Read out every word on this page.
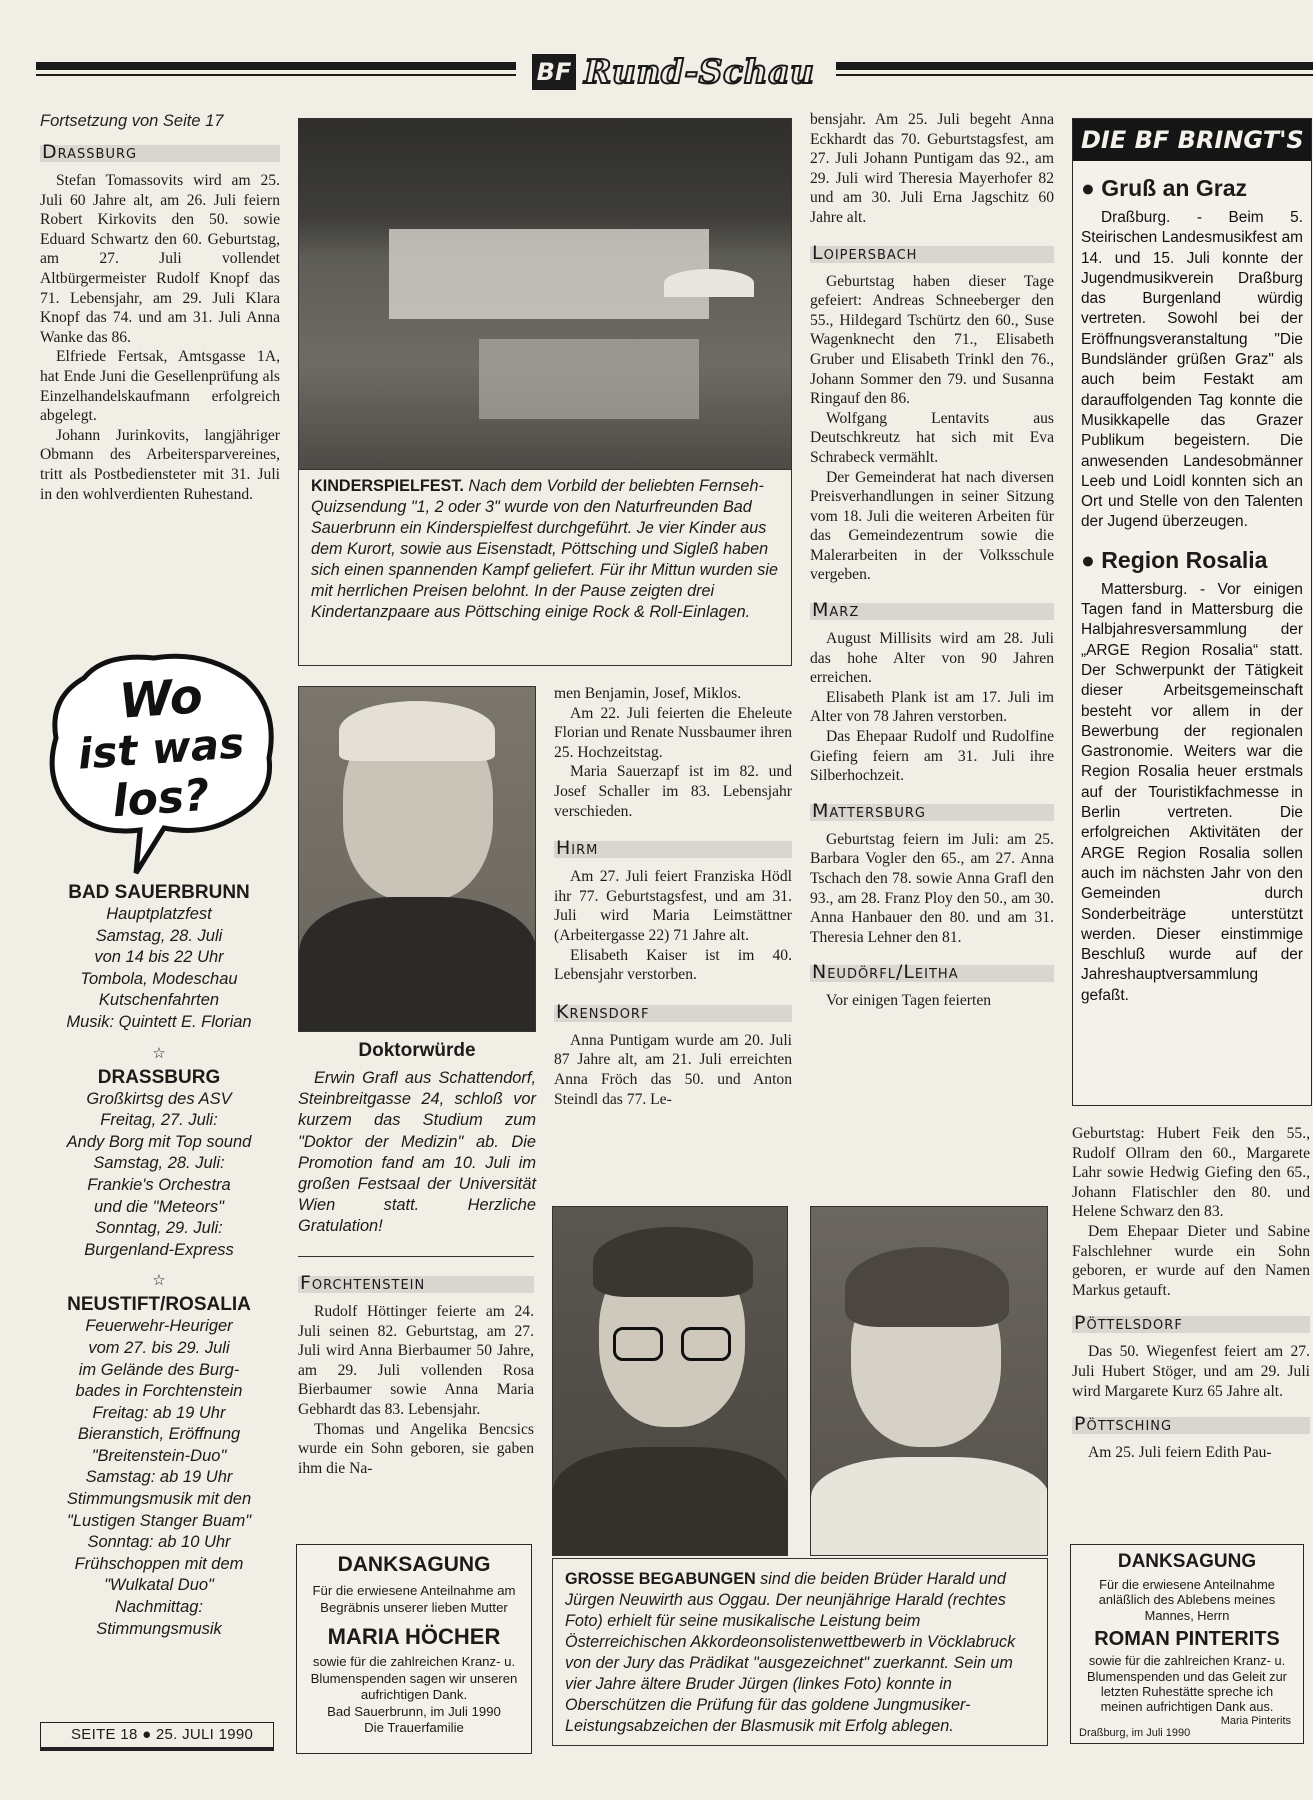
BF Rund-Schau
Fortsetzung von Seite 17
Drassburg

Stefan Tomassovits wird am 25. Juli 60 Jahre alt, am 26. Juli feiern Robert Kirkovits den 50. sowie Eduard Schwartz den 60. Geburtstag, am 27. Juli vollendet Altbürgermeister Rudolf Knopf das 71. Lebensjahr, am 29. Juli Klara Knopf das 74. und am 31. Juli Anna Wanke das 86.

Elfriede Fertsak, Amtsgasse 1A, hat Ende Juni die Gesellenprüfung als Einzelhandelskaufmann erfolgreich abgelegt.

Johann Jurinkovits, langjähriger Obmann des Arbeitersparvereines, tritt als Postbediensteter mit 31. Juli in den wohlverdienten Ruhestand.

Wo
ist was
los?
BAD SAUERBRUNN
Hauptplatzfest
Samstag, 28. Juli
von 14 bis 22 Uhr
Tombola, Modeschau
Kutschenfahrten
Musik: Quintett E. Florian
☆
DRASSBURG
Großkirtsg des ASV
Freitag, 27. Juli:
Andy Borg mit Top sound
Samstag, 28. Juli:
Frankie's Orchestra
und die "Meteors"
Sonntag, 29. Juli:
Burgenland-Express
☆
NEUSTIFT/ROSALIA
Feuerwehr-Heuriger
vom 27. bis 29. Juli
im Gelände des Burg-
bades in Forchtenstein
Freitag: ab 19 Uhr
Bieranstich, Eröffnung
"Breitenstein-Duo"
Samstag: ab 19 Uhr
Stimmungsmusik mit den
"Lustigen Stanger Buam"
Sonntag: ab 10 Uhr
Frühschoppen mit dem
"Wulkatal Duo"
Nachmittag:
Stimmungsmusik
SEITE 18 ● 25. JULI 1990
KINDERSPIELFEST. Nach dem Vorbild der beliebten Fernseh-Quizsendung "1, 2 oder 3" wurde von den Naturfreunden Bad Sauerbrunn ein Kinderspielfest durchgeführt. Je vier Kinder aus dem Kurort, sowie aus Eisenstadt, Pöttsching und Sigleß haben sich einen spannenden Kampf geliefert. Für ihr Mittun wurden sie mit herrlichen Preisen belohnt. In der Pause zeigten drei Kindertanzpaare aus Pöttsching einige Rock & Roll-Einlagen.
Doktorwürde
Erwin Grafl aus Schattendorf, Steinbreitgasse 24, schloß vor kurzem das Studium zum "Doktor der Medizin" ab. Die Promotion fand am 10. Juli im großen Festsaal der Universität Wien statt. Herzliche Gratulation!
Forchtenstein

Rudolf Höttinger feierte am 24. Juli seinen 82. Geburtstag, am 27. Juli wird Anna Bierbaumer 50 Jahre, am 29. Juli vollenden Rosa Bierbaumer sowie Anna Maria Gebhardt das 83. Lebensjahr.

Thomas und Angelika Bencsics wurde ein Sohn geboren, sie gaben ihm die Na-

DANKSAGUNG
Für die erwiesene Anteilnahme am Begräbnis unserer lieben Mutter
MARIA HÖCHER
sowie für die zahlreichen Kranz- u. Blumenspenden sagen wir unseren aufrichtigen Dank.
Bad Sauerbrunn, im Juli 1990
Die Trauerfamilie

men Benjamin, Josef, Miklos.

Am 22. Juli feierten die Eheleute Florian und Renate Nussbaumer ihren 25. Hochzeitstag.

Maria Sauerzapf ist im 82. und Josef Schaller im 83. Lebensjahr verschieden.

Hirm

Am 27. Juli feiert Franziska Hödl ihr 77. Geburtstagsfest, und am 31. Juli wird Maria Leimstättner (Arbeitergasse 22) 71 Jahre alt.

Elisabeth Kaiser ist im 40. Lebensjahr verstorben.

Krensdorf

Anna Puntigam wurde am 20. Juli 87 Jahre alt, am 21. Juli erreichten Anna Fröch das 50. und Anton Steindl das 77. Le-

bensjahr. Am 25. Juli begeht Anna Eckhardt das 70. Geburtstagsfest, am 27. Juli Johann Puntigam das 92., am 29. Juli wird Theresia Mayerhofer 82 und am 30. Juli Erna Jagschitz 60 Jahre alt.

Loipersbach

Geburtstag haben dieser Tage gefeiert: Andreas Schneeberger den 55., Hildegard Tschürtz den 60., Suse Wagenknecht den 71., Elisabeth Gruber und Elisabeth Trinkl den 76., Johann Sommer den 79. und Susanna Ringauf den 86.

Wolfgang Lentavits aus Deutschkreutz hat sich mit Eva Schrabeck vermählt.

Der Gemeinderat hat nach diversen Preisverhandlungen in seiner Sitzung vom 18. Juli die weiteren Arbeiten für das Gemeindezentrum sowie die Malerarbeiten in der Volksschule vergeben.

Marz

August Millisits wird am 28. Juli das hohe Alter von 90 Jahren erreichen.

Elisabeth Plank ist am 17. Juli im Alter von 78 Jahren verstorben.

Das Ehepaar Rudolf und Rudolfine Giefing feiern am 31. Juli ihre Silberhochzeit.

Mattersburg

Geburtstag feiern im Juli: am 25. Barbara Vogler den 65., am 27. Anna Tschach den 78. sowie Anna Grafl den 93., am 28. Franz Ploy den 50., am 30. Anna Hanbauer den 80. und am 31. Theresia Lehner den 81.

Neudörfl/Leitha

Vor einigen Tagen feierten

GROSSE BEGABUNGEN sind die beiden Brüder Harald und Jürgen Neuwirth aus Oggau. Der neunjährige Harald (rechtes Foto) erhielt für seine musikalische Leistung beim Österreichischen Akkordeonsolistenwettbewerb in Vöcklabruck von der Jury das Prädikat "ausgezeichnet" zuerkannt. Sein um vier Jahre ältere Bruder Jürgen (linkes Foto) konnte in Oberschützen die Prüfung für das goldene Jungmusiker-Leistungsabzeichen der Blasmusik mit Erfolg ablegen.
DIE BF BRINGT'S
● Gruß an Graz
Draßburg. - Beim 5. Steirischen Landesmusikfest am 14. und 15. Juli konnte der Jugendmusikverein Draßburg das Burgenland würdig vertreten. Sowohl bei der Eröffnungsveranstaltung "Die Bundsländer grüßen Graz" als auch beim Festakt am darauffolgenden Tag konnte die Musikkapelle das Grazer Publikum begeistern. Die anwesenden Landesobmänner Leeb und Loidl konnten sich an Ort und Stelle von den Talenten der Jugend überzeugen.
● Region Rosalia
Mattersburg. - Vor einigen Tagen fand in Mattersburg die Halbjahresversammlung der „ARGE Region Rosalia“ statt. Der Schwerpunkt der Tätigkeit dieser Arbeitsgemeinschaft besteht vor allem in der Bewerbung der regionalen Gastronomie. Weiters war die Region Rosalia heuer erstmals auf der Touristikfachmesse in Berlin vertreten. Die erfolgreichen Aktivitäten der ARGE Region Rosalia sollen auch im nächsten Jahr von den Gemeinden durch Sonderbeiträge unterstützt werden. Dieser einstimmige Beschluß wurde auf der Jahreshauptversammlung gefaßt.

Geburtstag: Hubert Feik den 55., Rudolf Ollram den 60., Margarete Lahr sowie Hedwig Giefing den 65., Johann Flatischler den 80. und Helene Schwarz den 83.

Dem Ehepaar Dieter und Sabine Falschlehner wurde ein Sohn geboren, er wurde auf den Namen Markus getauft.

Pöttelsdorf

Das 50. Wiegenfest feiert am 27. Juli Hubert Stöger, und am 29. Juli wird Margarete Kurz 65 Jahre alt.

Pöttsching

Am 25. Juli feiern Edith Pau-

DANKSAGUNG
Für die erwiesene Anteilnahme anläßlich des Ablebens meines Mannes, Herrn
ROMAN PINTERITS
sowie für die zahlreichen Kranz- u. Blumenspenden und das Geleit zur letzten Ruhestätte spreche ich meinen aufrichtigen Dank aus.
Maria Pinterits
Draßburg, im Juli 1990
